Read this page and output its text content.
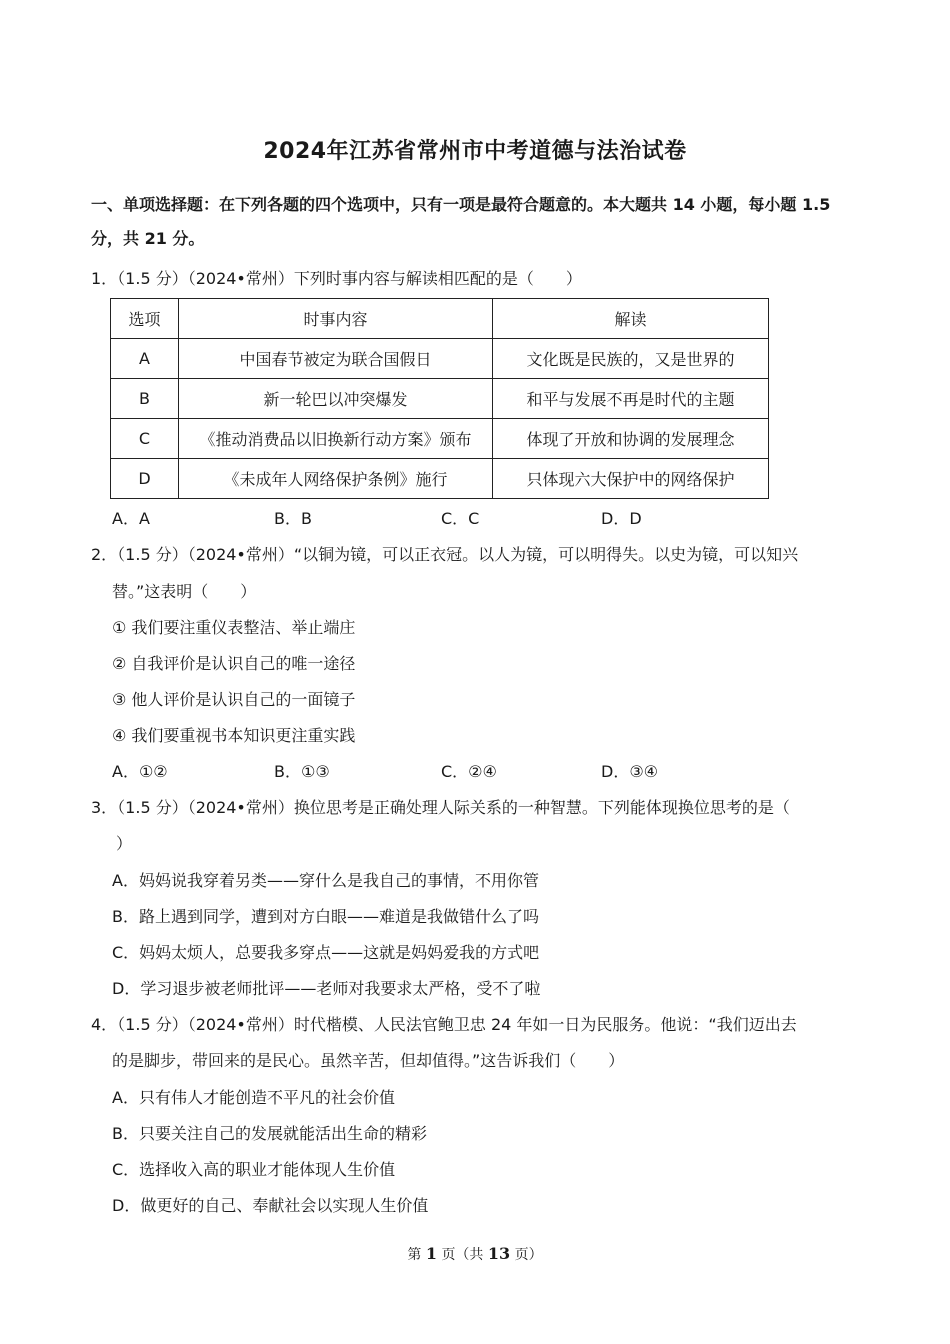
2024年江苏省常州市中考道德与法治试卷
一、单项选择题：在下列各题的四个选项中，只有一项是最符合题意的。本大题共 14 小题，每小题 1.5 分，共 21 分。
1．（1.5 分）（2024•常州）下列时事内容与解读相匹配的是（　　）
选项	时事内容	解读
A	中国春节被定为联合国假日	文化既是民族的，又是世界的
B	新一轮巴以冲突爆发	和平与发展不再是时代的主题
C	《推动消费品以旧换新行动方案》颁布	体现了开放和协调的发展理念
D	《未成年人网络保护条例》施行	只体现六大保护中的网络保护
A．A	B．B	C．C	D．D
2．（1.5 分）（2024•常州）“以铜为镜，可以正衣冠。以人为镜，可以明得失。以史为镜，可以知兴
替。”这表明（　　）
① 我们要注重仪表整洁、举止端庄
② 自我评价是认识自己的唯一途径
③ 他人评价是认识自己的一面镜子
④ 我们要重视书本知识更注重实践
A．①②	B．①③	C．②④	D．③④
3．（1.5 分）（2024•常州）换位思考是正确处理人际关系的一种智慧。下列能体现换位思考的是（
）
A．妈妈说我穿着另类——穿什么是我自己的事情，不用你管
B．路上遇到同学，遭到对方白眼——难道是我做错什么了吗
C．妈妈太烦人，总要我多穿点——这就是妈妈爱我的方式吧
D．学习退步被老师批评——老师对我要求太严格，受不了啦
4．（1.5 分）（2024•常州）时代楷模、人民法官鲍卫忠 24 年如一日为民服务。他说：“我们迈出去
的是脚步，带回来的是民心。虽然辛苦，但却值得。”这告诉我们（　　）
A．只有伟人才能创造不平凡的社会价值
B．只要关注自己的发展就能活出生命的精彩
C．选择收入高的职业才能体现人生价值
D．做更好的自己、奉献社会以实现人生价值
第 1 页（共 13 页）
